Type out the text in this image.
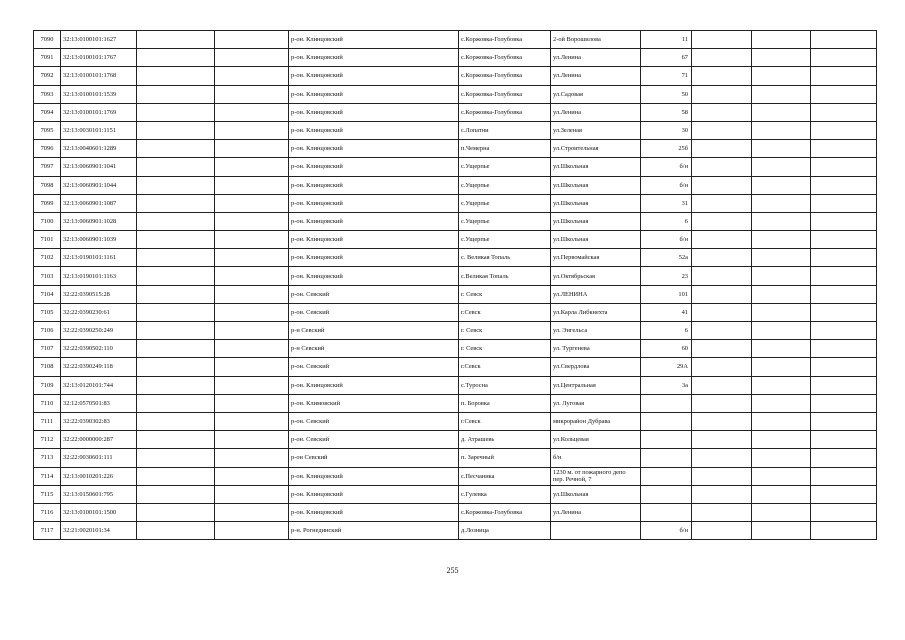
7090	32:13:0100101:1627			р-он. Клинцовский	с.Коржовка-Голубовка	2-ой Ворошилова	11			
7091	32:13:0100101:1767			р-он. Клинцовский	с.Коржовка-Голубовка	ул.Ленина	67			
7092	32:13:0100101:1768			р-он. Клинцовский	с.Коржовка-Голубовка	ул.Ленина	71			
7093	32:13:0100101:1539			р-он. Клинцовский	с.Коржовка-Голубовка	ул.Садовая	50			
7094	32:13:0100101:1769			р-он. Клинцовский	с.Коржовка-Голубовка	ул.Ленина	58			
7095	32:13:0030101:1151			р-он. Клинцовский	с.Лопатни	ул.Зеленая	30			
7096	32:13:0040601:1289			р-он. Клинцовский	п.Чемерна	ул.Строительная	25б			
7097	32:13:0060901:1041			р-он. Клинцовский	с.Ущерпье	ул.Школьная	б/н			
7098	32:13:0060901:1044			р-он. Клинцовский	с.Ущерпье	ул.Школьная	б/н			
7099	32:13:0060901:1087			р-он. Клинцовский	с.Ущерпье	ул.Школьная	31			
7100	32:13:0060901:1028			р-он. Клинцовский	с.Ущерпье	ул.Школьная	6			
7101	32:13:0060901:1039			р-он. Клинцовский	с.Ущерпье	ул.Школьная	б/н			
7102	32:13:0190101:1161			р-он. Клинцовский	с. Великая Топаль	ул.Первомайская	52а			
7103	32:13:0190101:1163			р-он. Клинцовский	с.Великая Топаль	ул.Октябрьская	23			
7104	32:22:0390515:28			р-он. Севский	г. Севск	ул.ЛЕНИНА	101			
7105	32:22:0390230:61			р-он. Севский	г.Севск	ул.Карла Либкнехта	41			
7106	32:22:0390250:249			р-н Севский	г. Севск	ул. Энгельса	6			
7107	32:22:0390502:110			р-н Севский	г. Севск	ул. Тургенева	60			
7108	32:22:0390249:118			р-он. Севский	г.Севск	ул.Свердлова	29А			
7109	32:13:0120101:744			р-он. Клинцовский	с.Туросна	ул.Центральная	3а			
7110	32:12:0570501:83			р-он. Климовский	п. Боровка	ул. Луговая				
7111	32:22:0390302:83			р-он. Севский	г.Севск	микрорайон Дубрава				
7112	32:22:0000000:287			р-он. Севский	д. Атрашевь	ул.Кольцевая				
7113	32:22:0030601:111			р-он Севский	п. Заречный	б/н				
7114	32:13:0010201:226			р-он. Клинцовский	с.Песчаника	1230 м. от пожарного депо пер. Речной, 7				
7115	32:13:0150601:795			р-он. Клинцовский	с.Гулевка	ул.Школьная				
7116	32:13:0100101:1500			р-он. Клинцовский	с.Коржовка-Голубовка	ул.Ленина				
7117	32:21:0020101:34			р-н. Рогнединский	д.Лозница		б/н			
255
